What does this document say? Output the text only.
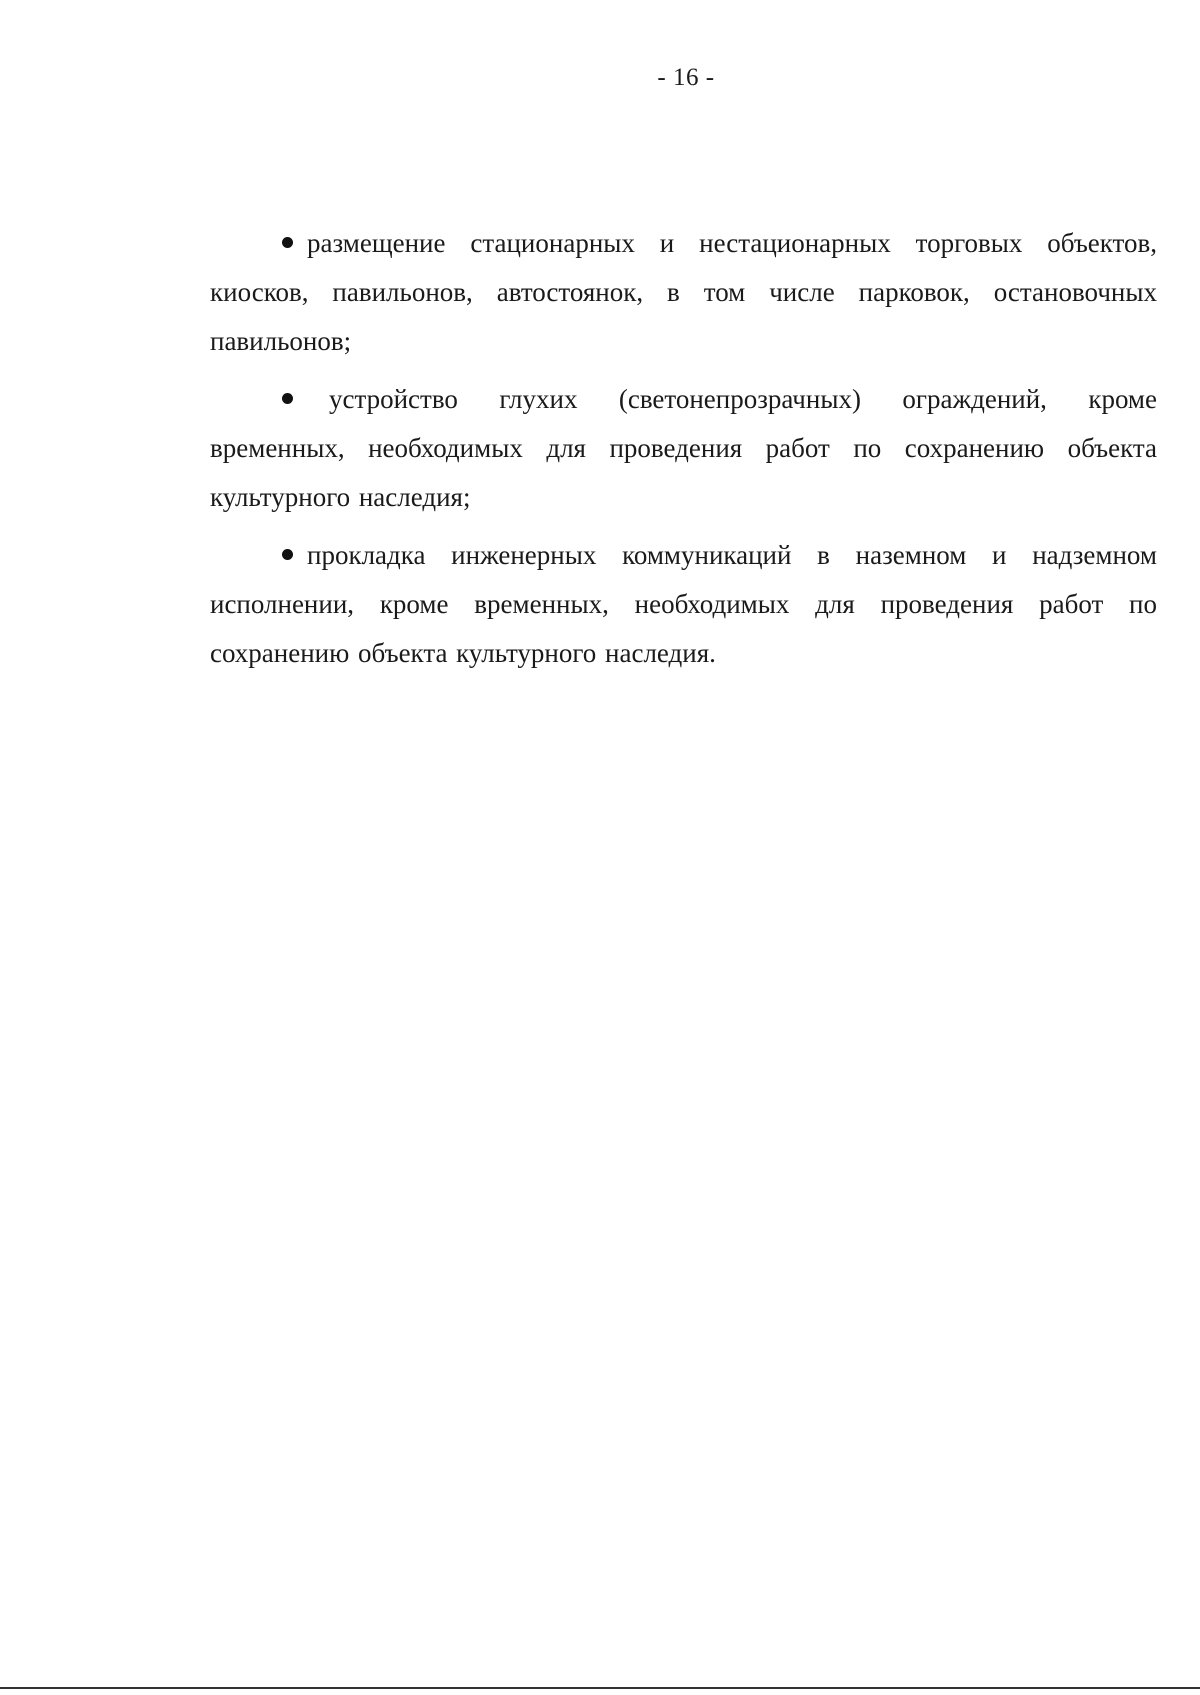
- 16 -

размещение стационарных и нестационарных торговых объектов, киосков, павильонов, автостоянок, в том числе парковок, остановочных павильонов;

устройство глухих (светонепрозрачных) ограждений, кроме временных, необходимых для проведения работ по сохранению объекта культурного наследия;

прокладка инженерных коммуникаций в наземном и надземном исполнении, кроме временных, необходимых для проведения работ по сохранению объекта культурного наследия.
